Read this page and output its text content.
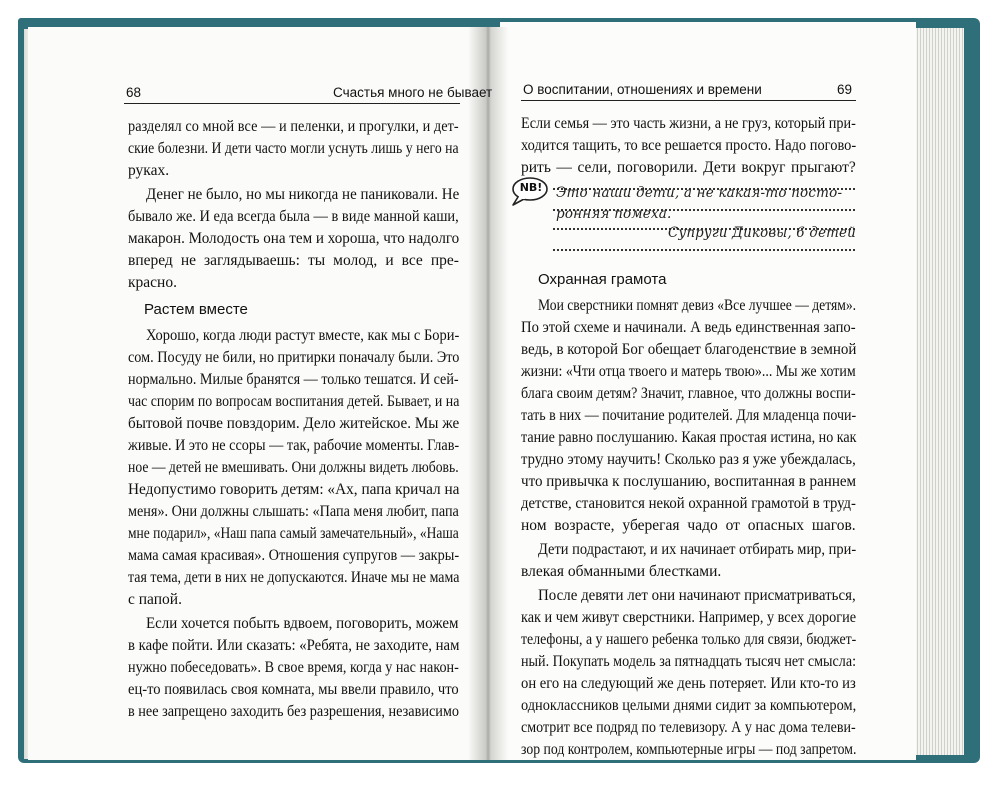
68	Счастья много не бывает
разделял со мной все — и пеленки, и прогулки, и дет-
ские болезни. И дети часто могли уснуть лишь у него на
руках.
Денег не было, но мы никогда не паниковали. Не
бывало же. И еда всегда была — в виде манной каши,
макарон. Молодость она тем и хороша, что надолго
вперед не заглядываешь: ты молод, и все пре-
красно.
Растем вместе
Хорошо, когда люди растут вместе, как мы с Бори-
сом. Посуду не били, но притирки поначалу были. Это
нормально. Милые бранятся — только тешатся. И сей-
час спорим по вопросам воспитания детей. Бывает, и на
бытовой почве повздорим. Дело житейское. Мы же
живые. И это не ссоры — так, рабочие моменты. Глав-
ное — детей не вмешивать. Они должны видеть любовь.
Недопустимо говорить детям: «Ах, папа кричал на
меня». Они должны слышать: «Папа меня любит, папа
мне подарил», «Наш папа самый замечательный», «Наша
мама самая красивая». Отношения супругов — закры-
тая тема, дети в них не допускаются. Иначе мы не мама
с папой.
Если хочется побыть вдвоем, поговорить, можем
в кафе пойти. Или сказать: «Ребята, не заходите, нам
нужно побеседовать». В свое время, когда у нас након-
ец-то появилась своя комната, мы ввели правило, что
в нее запрещено заходить без разрешения, независимо
О воспитании, отношениях и времени	69
Если семья — это часть жизни, а не груз, который при-
ходится тащить, то все решается просто. Надо погово-
рить — сели, поговорили. Дети вокруг прыгают?
NB! Это наши дети, а не какая-то посто-
ронняя помеха.
Супруги Диковы, 6 детей
Охранная грамота
Мои сверстники помнят девиз «Все лучшее — детям».
По этой схеме и начинали. А ведь единственная запо-
ведь, в которой Бог обещает благоденствие в земной
жизни: «Чти отца твоего и матерь твою»... Мы же хотим
блага своим детям? Значит, главное, что должны воспи-
тать в них — почитание родителей. Для младенца почи-
тание равно послушанию. Какая простая истина, но как
трудно этому научить! Сколько раз я уже убеждалась,
что привычка к послушанию, воспитанная в раннем
детстве, становится некой охранной грамотой в труд-
ном возрасте, уберегая чадо от опасных шагов.
Дети подрастают, и их начинает отбирать мир, при-
влекая обманными блестками.
После девяти лет они начинают присматриваться,
как и чем живут сверстники. Например, у всех дорогие
телефоны, а у нашего ребенка только для связи, бюджет-
ный. Покупать модель за пятнадцать тысяч нет смысла:
он его на следующий же день потеряет. Или кто-то из
одноклассников целыми днями сидит за компьютером,
смотрит все подряд по телевизору. А у нас дома телеви-
зор под контролем, компьютерные игры — под запретом.
